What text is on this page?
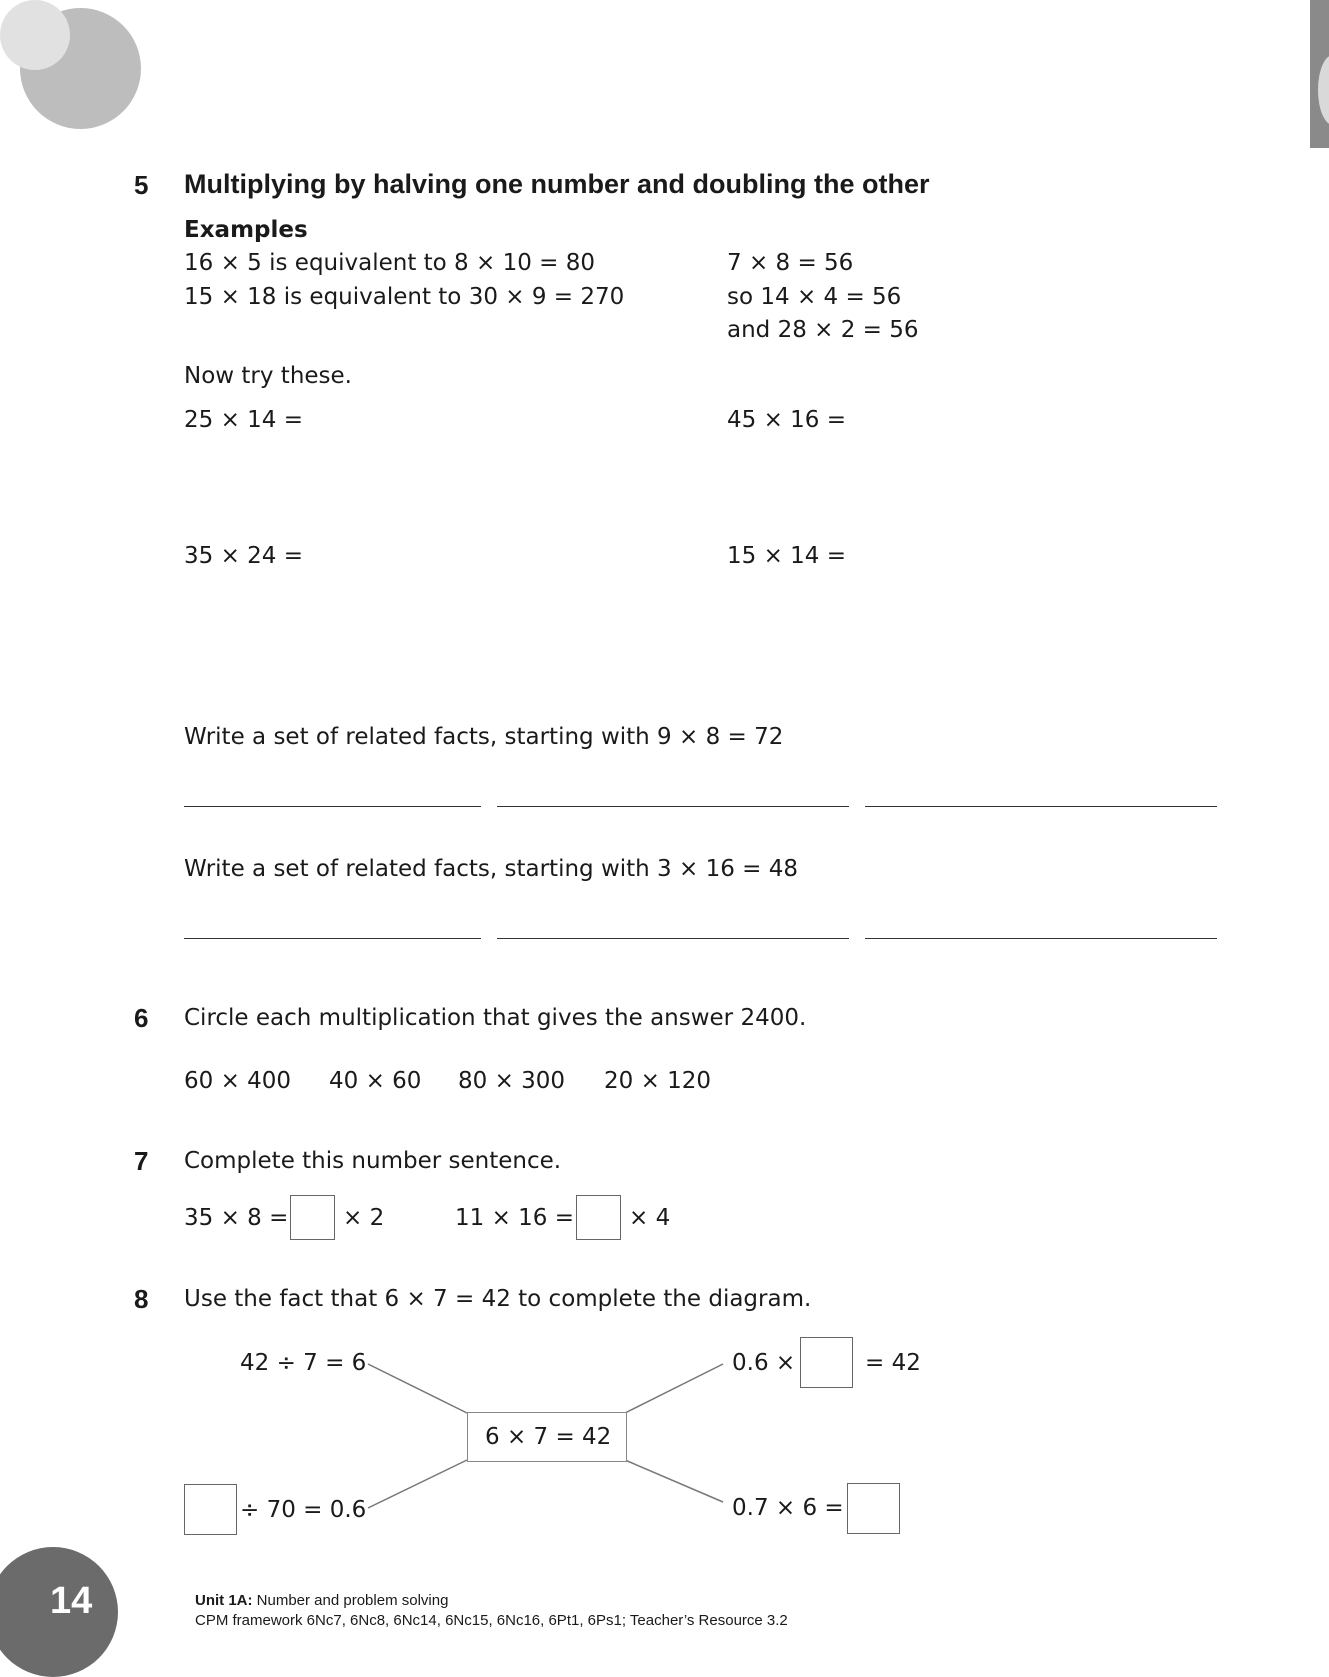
5 Multiplying by halving one number and doubling the other
Examples
16 × 5 is equivalent to 8 × 10 = 80
15 × 18 is equivalent to 30 × 9 = 270
7 × 8 = 56
so 14 × 4 = 56
and 28 × 2 = 56
Now try these.
25 × 14 =	45 × 16 =
35 × 24 =	15 × 14 =
Write a set of related facts, starting with 9 × 8 = 72
Write a set of related facts, starting with 3 × 16 = 48
6 Circle each multiplication that gives the answer 2400.
60 × 400 40 × 60 80 × 300 20 × 120
7 Complete this number sentence.
35 × 8 = × 2	11 × 16 = × 4
8 Use the fact that 6 × 7 = 42 to complete the diagram.
6 × 7 = 42
42 ÷ 7 = 6	0.6 ×	= 42
÷ 70 = 0.6	0.7 × 6 =
14	Unit 1A: Number and problem solving
CPM framework 6Nc7, 6Nc8, 6Nc14, 6Nc15, 6Nc16, 6Pt1, 6Ps1; Teacher’s Resource 3.2
